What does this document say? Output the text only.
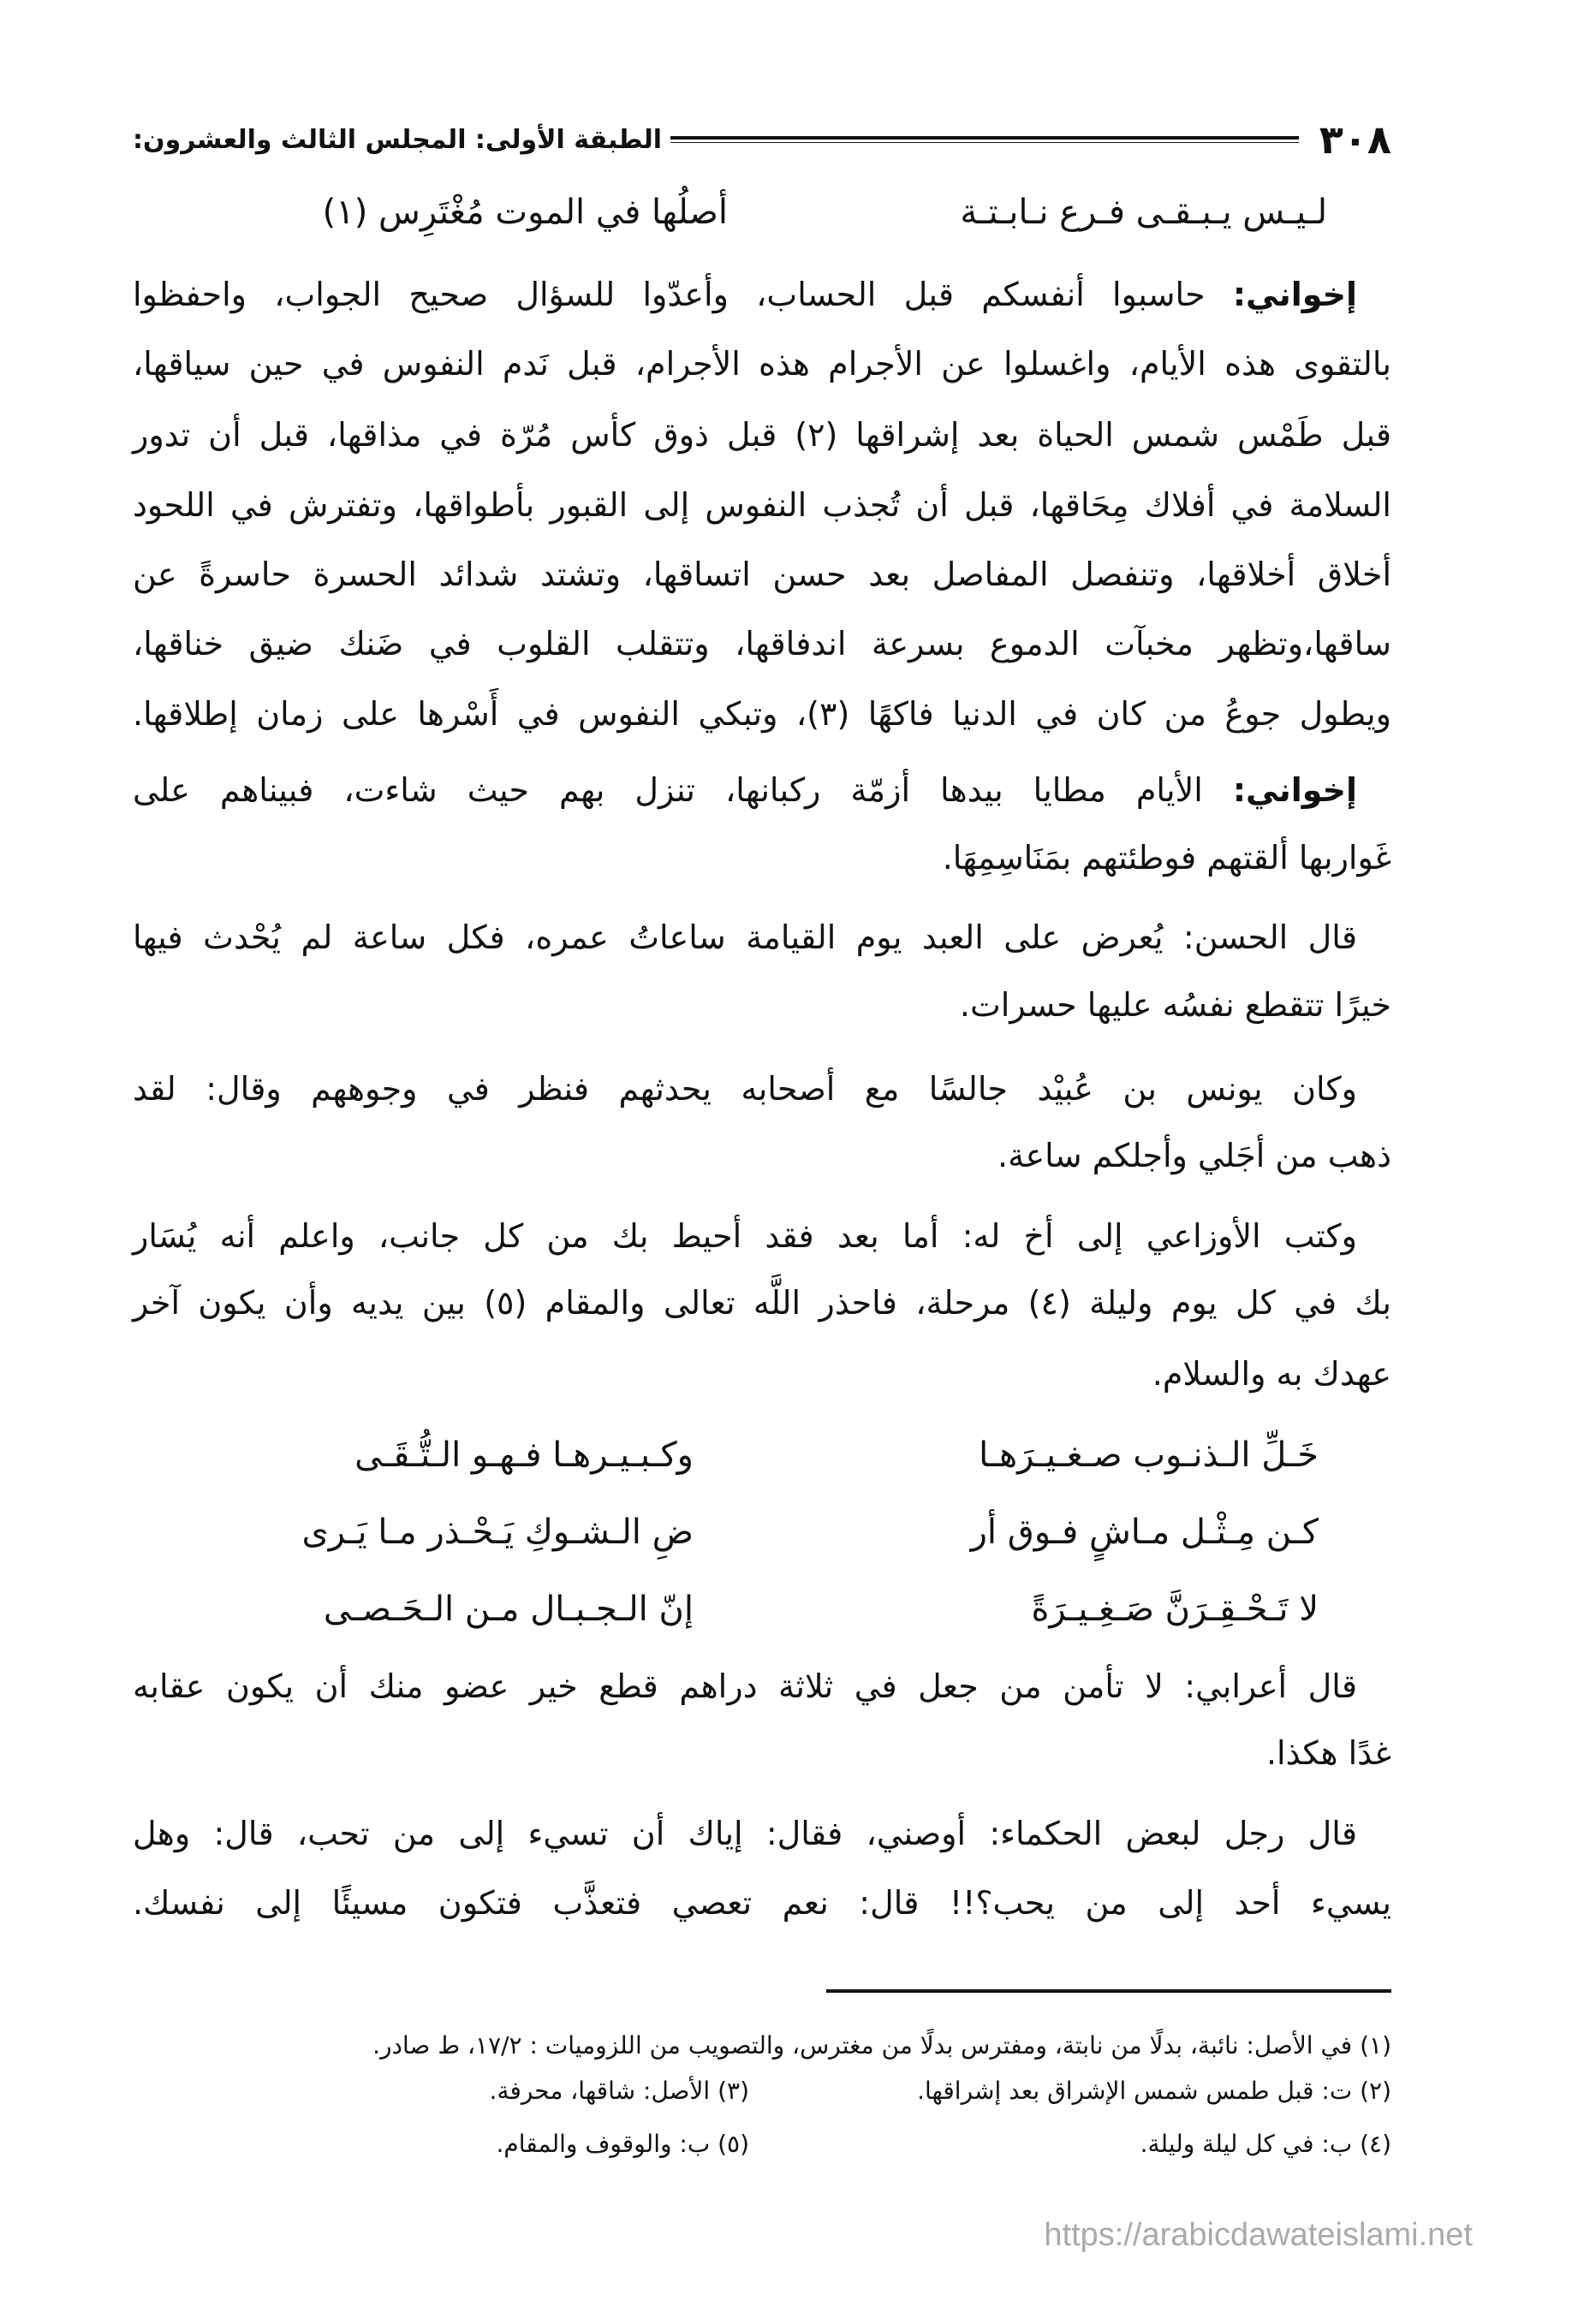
٣٠٨
الطبقة الأولى: المجلس الثالث والعشرون:
لـيـس يـبـقـى فـرع نـابـتـة
أصلُها في الموت مُغْتَرِس (١)
إخواني: حاسبوا أنفسكم قبل الحساب، وأعدّوا للسؤال صحيح الجواب، واحفظوا
بالتقوى هذه الأيام، واغسلوا عن الأجرام هذه الأجرام، قبل نَدم النفوس في حين سياقها،
قبل طَمْس شمس الحياة بعد إشراقها (٢) قبل ذوق كأس مُرّة في مذاقها، قبل أن تدور
السلامة في أفلاك مِحَاقها، قبل أن تُجذب النفوس إلى القبور بأطواقها، وتفترش في اللحود
أخلاق أخلاقها، وتنفصل المفاصل بعد حسن اتساقها، وتشتد شدائد الحسرة حاسرةً عن
ساقها،وتظهر مخبآت الدموع بسرعة اندفاقها، وتتقلب القلوب في ضَنك ضيق خناقها،
ويطول جوعُ من كان في الدنيا فاكهًا (٣)، وتبكي النفوس في أَسْرها على زمان إطلاقها.
إخواني: الأيام مطايا بيدها أزمّة ركبانها، تنزل بهم حيث شاءت، فبيناهم على
غَواربها ألقتهم فوطئتهم بمَنَاسِمِهَا.
قال الحسن: يُعرض على العبد يوم القيامة ساعاتُ عمره، فكل ساعة لم يُحْدث فيها
خيرًا تتقطع نفسُه عليها حسرات.
وكان يونس بن عُبيْد جالسًا مع أصحابه يحدثهم فنظر في وجوههم وقال: لقد
ذهب من أجَلي وأجلكم ساعة.
وكتب الأوزاعي إلى أخ له: أما بعد فقد أحيط بك من كل جانب، واعلم أنه يُسَار
بك في كل يوم وليلة (٤) مرحلة، فاحذر اللَّه تعالى والمقام (٥) بين يديه وأن يكون آخر
عهدك به والسلام.
خَـلِّ الـذنـوب صـغـيـرَهـا
وكـبـيـرهـا فـهـو الـتُّـقَـى
كـن مِـثْـل مـاشٍ فـوق أر
ضِ الـشـوكِ يَـحْـذر مـا يَـرى
لا تَـحْـقِـرَنَّ صَـغِـيـرَةً
إنّ الـجـبـال مـن الـحَـصـى
قال أعرابي: لا تأمن من جعل في ثلاثة دراهم قطع خير عضو منك أن يكون عقابه
غدًا هكذا.
قال رجل لبعض الحكماء: أوصني، فقال: إياك أن تسيء إلى من تحب، قال: وهل
يسيء أحد إلى من يحب؟!! قال: نعم تعصي فتعذَّب فتكون مسيئًا إلى نفسك.
(١) في الأصل: نائبة، بدلًا من نابتة، ومفترس بدلًا من مغترس، والتصويب من اللزوميات : ١٧/٢، ط صادر.
(٢) ت: قبل طمس شمس الإشراق بعد إشراقها.
(٣) الأصل: شاقها، محرفة.
(٤) ب: في كل ليلة وليلة.
(٥) ب: والوقوف والمقام.
https://arabicdawateislami.net
